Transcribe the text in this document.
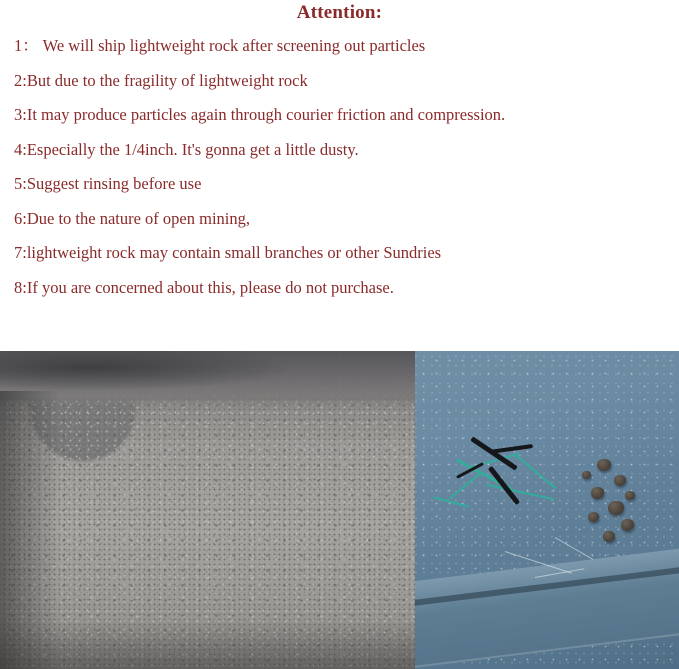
Attention:

1： We will ship lightweight rock after screening out particles

2:But due to the fragility of lightweight rock

3:It may produce particles again through courier friction and compression.

4:Especially the 1/4inch. It's gonna get a little dusty.

5:Suggest rinsing before use

6:Due to the nature of open mining,

7:lightweight rock may contain small branches or other Sundries

8:If you are concerned about this, please do not purchase.
